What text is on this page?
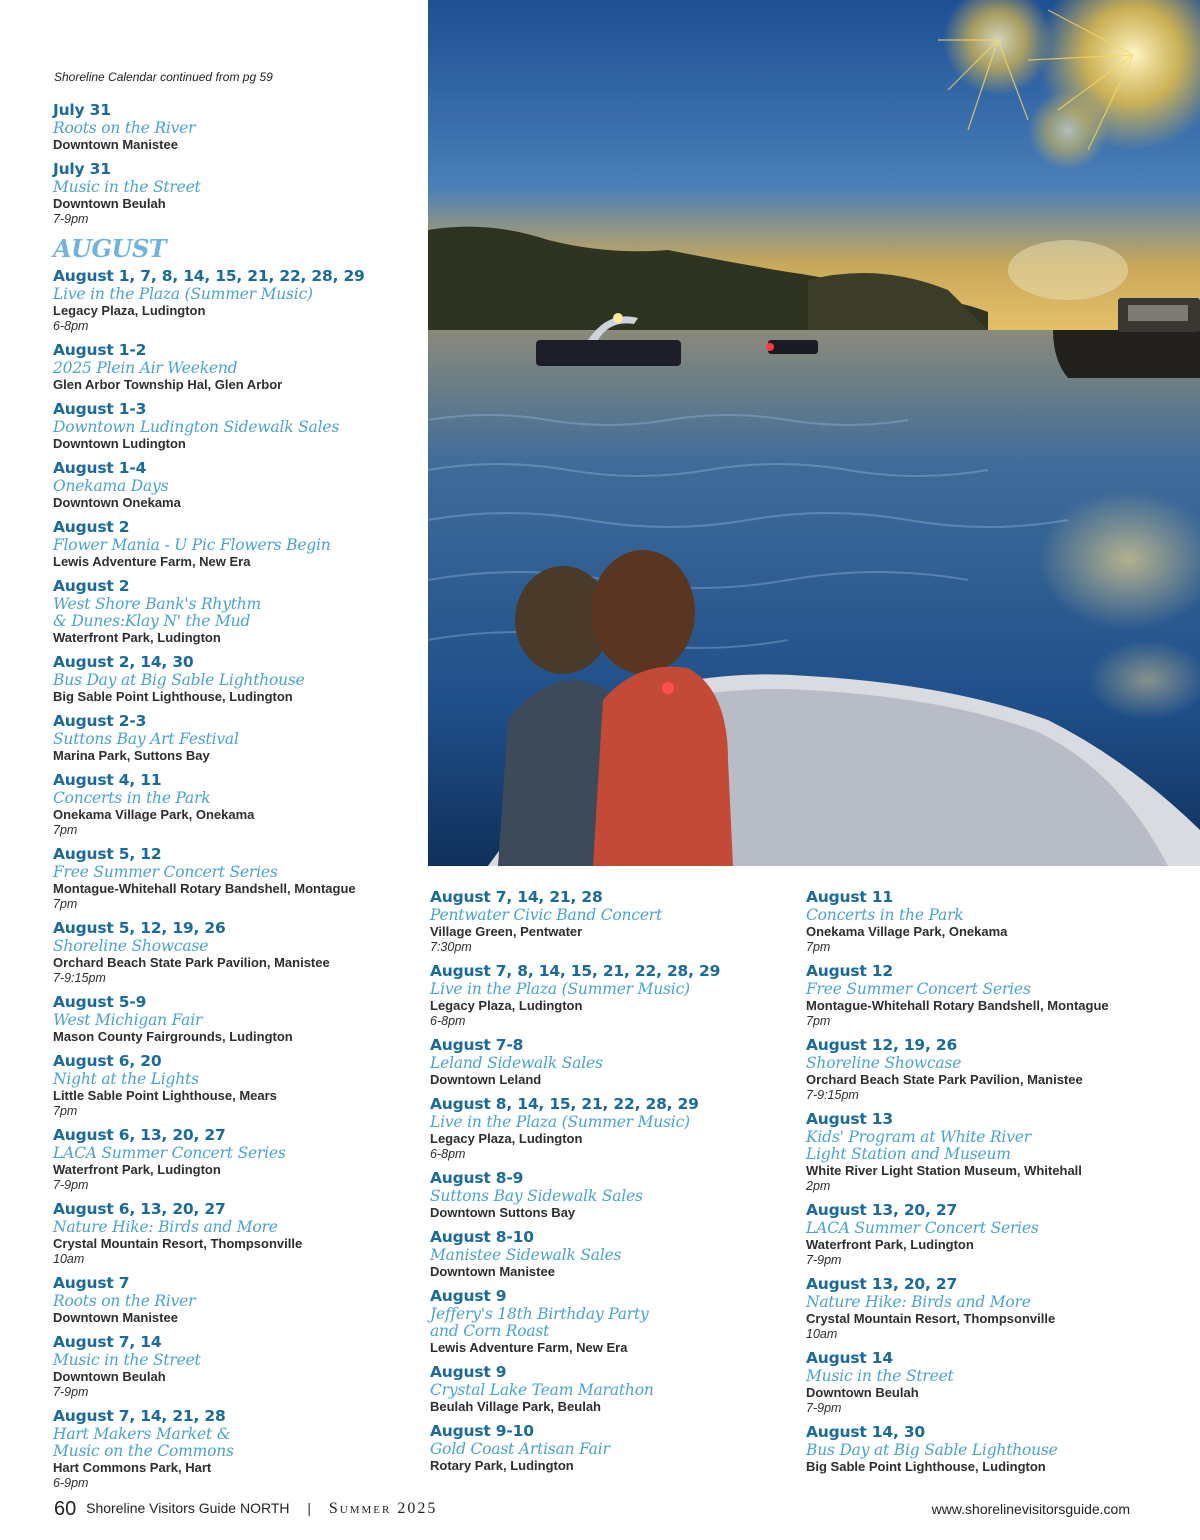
Shoreline Calendar continued from pg 59
July 31
Roots on the River
Downtown Manistee
July 31
Music in the Street
Downtown Beulah
7-9pm
AUGUST
August 1, 7, 8, 14, 15, 21, 22, 28, 29
Live in the Plaza (Summer Music)
Legacy Plaza, Ludington
6-8pm
August 1-2
2025 Plein Air Weekend
Glen Arbor Township Hal, Glen Arbor
August 1-3
Downtown Ludington Sidewalk Sales
Downtown Ludington
August 1-4
Onekama Days
Downtown Onekama
August 2
Flower Mania - U Pic Flowers Begin
Lewis Adventure Farm, New Era
August 2
West Shore Bank's Rhythm
& Dunes:Klay N' the Mud
Waterfront Park, Ludington
August 2, 14, 30
Bus Day at Big Sable Lighthouse
Big Sable Point Lighthouse, Ludington
August 2-3
Suttons Bay Art Festival
Marina Park, Suttons Bay
August 4, 11
Concerts in the Park
Onekama Village Park, Onekama
7pm
August 5, 12
Free Summer Concert Series
Montague-Whitehall Rotary Bandshell, Montague
7pm
August 5, 12, 19, 26
Shoreline Showcase
Orchard Beach State Park Pavilion, Manistee
7-9:15pm
August 5-9
West Michigan Fair
Mason County Fairgrounds, Ludington
August 6, 20
Night at the Lights
Little Sable Point Lighthouse, Mears
7pm
August 6, 13, 20, 27
LACA Summer Concert Series
Waterfront Park, Ludington
7-9pm
August 6, 13, 20, 27
Nature Hike: Birds and More
Crystal Mountain Resort, Thompsonville
10am
August 7
Roots on the River
Downtown Manistee
August 7, 14
Music in the Street
Downtown Beulah
7-9pm
August 7, 14, 21, 28
Hart Makers Market &
Music on the Commons
Hart Commons Park, Hart
6-9pm
August 7, 14, 21, 28
Pentwater Civic Band Concert
Village Green, Pentwater
7:30pm
August 7, 8, 14, 15, 21, 22, 28, 29
Live in the Plaza (Summer Music)
Legacy Plaza, Ludington
6-8pm
August 7-8
Leland Sidewalk Sales
Downtown Leland
August 8, 14, 15, 21, 22, 28, 29
Live in the Plaza (Summer Music)
Legacy Plaza, Ludington
6-8pm
August 8-9
Suttons Bay Sidewalk Sales
Downtown Suttons Bay
August 8-10
Manistee Sidewalk Sales
Downtown Manistee
August 9
Jeffery's 18th Birthday Party
and Corn Roast
Lewis Adventure Farm, New Era
August 9
Crystal Lake Team Marathon
Beulah Village Park, Beulah
August 9-10
Gold Coast Artisan Fair
Rotary Park, Ludington
August 11
Concerts in the Park
Onekama Village Park, Onekama
7pm
August 12
Free Summer Concert Series
Montague-Whitehall Rotary Bandshell, Montague
7pm
August 12, 19, 26
Shoreline Showcase
Orchard Beach State Park Pavilion, Manistee
7-9:15pm
August 13
Kids' Program at White River
Light Station and Museum
White River Light Station Museum, Whitehall
2pm
August 13, 20, 27
LACA Summer Concert Series
Waterfront Park, Ludington
7-9pm
August 13, 20, 27
Nature Hike: Birds and More
Crystal Mountain Resort, Thompsonville
10am
August 14
Music in the Street
Downtown Beulah
7-9pm
August 14, 30
Bus Day at Big Sable Lighthouse
Big Sable Point Lighthouse, Ludington
60 Shoreline Visitors Guide NORTH | Summer 2025	www.shorelinevisitorsguide.com
